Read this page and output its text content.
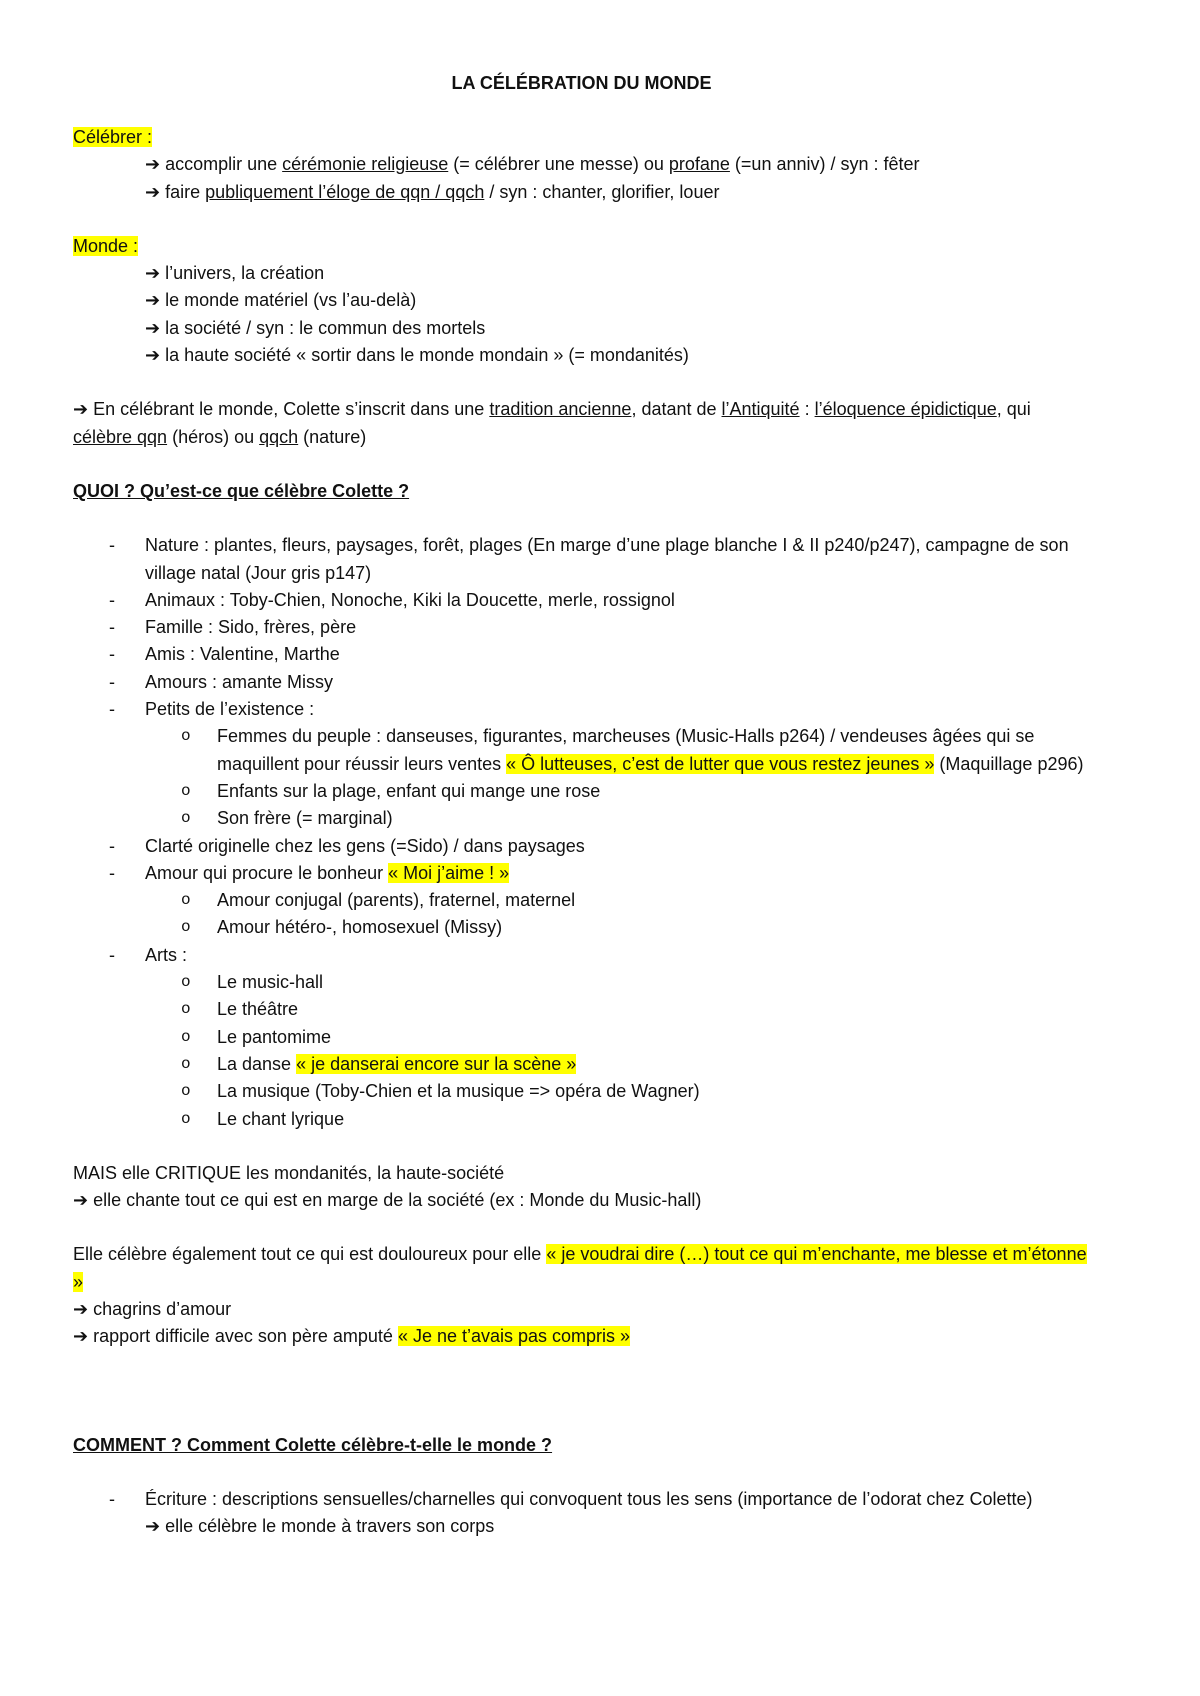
LA CÉLÉBRATION DU MONDE
Célébrer :
➔ accomplir une cérémonie religieuse (= célébrer une messe) ou profane (=un anniv) / syn : fêter
➔ faire publiquement l’éloge de qqn / qqch / syn : chanter, glorifier, louer
Monde :
➔ l’univers, la création
➔ le monde matériel (vs l’au-delà)
➔ la société / syn : le commun des mortels
➔ la haute société « sortir dans le monde mondain » (= mondanités)
➔ En célébrant le monde, Colette s’inscrit dans une tradition ancienne, datant de l’Antiquité : l’éloquence épidictique, qui célèbre qqn (héros) ou qqch (nature)
QUOI ? Qu’est-ce que célèbre Colette ?
- Nature : plantes, fleurs, paysages, forêt, plages (En marge d’une plage blanche I & II p240/p247), campagne de son village natal (Jour gris p147)
- Animaux : Toby-Chien, Nonoche, Kiki la Doucette, merle, rossignol
- Famille : Sido, frères, père
- Amis : Valentine, Marthe
- Amours : amante Missy
- Petits de l’existence :
o Femmes du peuple : danseuses, figurantes, marcheuses (Music-Halls p264) / vendeuses âgées qui se maquillent pour réussir leurs ventes « Ô lutteuses, c’est de lutter que vous restez jeunes » (Maquillage p296)
o Enfants sur la plage, enfant qui mange une rose
o Son frère (= marginal)
- Clarté originelle chez les gens (=Sido) / dans paysages
- Amour qui procure le bonheur « Moi j’aime ! »
o Amour conjugal (parents), fraternel, maternel
o Amour hétéro-, homosexuel (Missy)
- Arts :
o Le music-hall
o Le théâtre
o Le pantomime
o La danse « je danserai encore sur la scène »
o La musique (Toby-Chien et la musique => opéra de Wagner)
o Le chant lyrique
MAIS elle CRITIQUE les mondanités, la haute-société
➔ elle chante tout ce qui est en marge de la société (ex : Monde du Music-hall)
Elle célèbre également tout ce qui est douloureux pour elle « je voudrai dire (…) tout ce qui m’enchante, me blesse et m’étonne »
➔ chagrins d’amour
➔ rapport difficile avec son père amputé « Je ne t’avais pas compris »
COMMENT ? Comment Colette célèbre-t-elle le monde ?
- Écriture : descriptions sensuelles/charnelles qui convoquent tous les sens (importance de l’odorat chez Colette)
➔ elle célèbre le monde à travers son corps
